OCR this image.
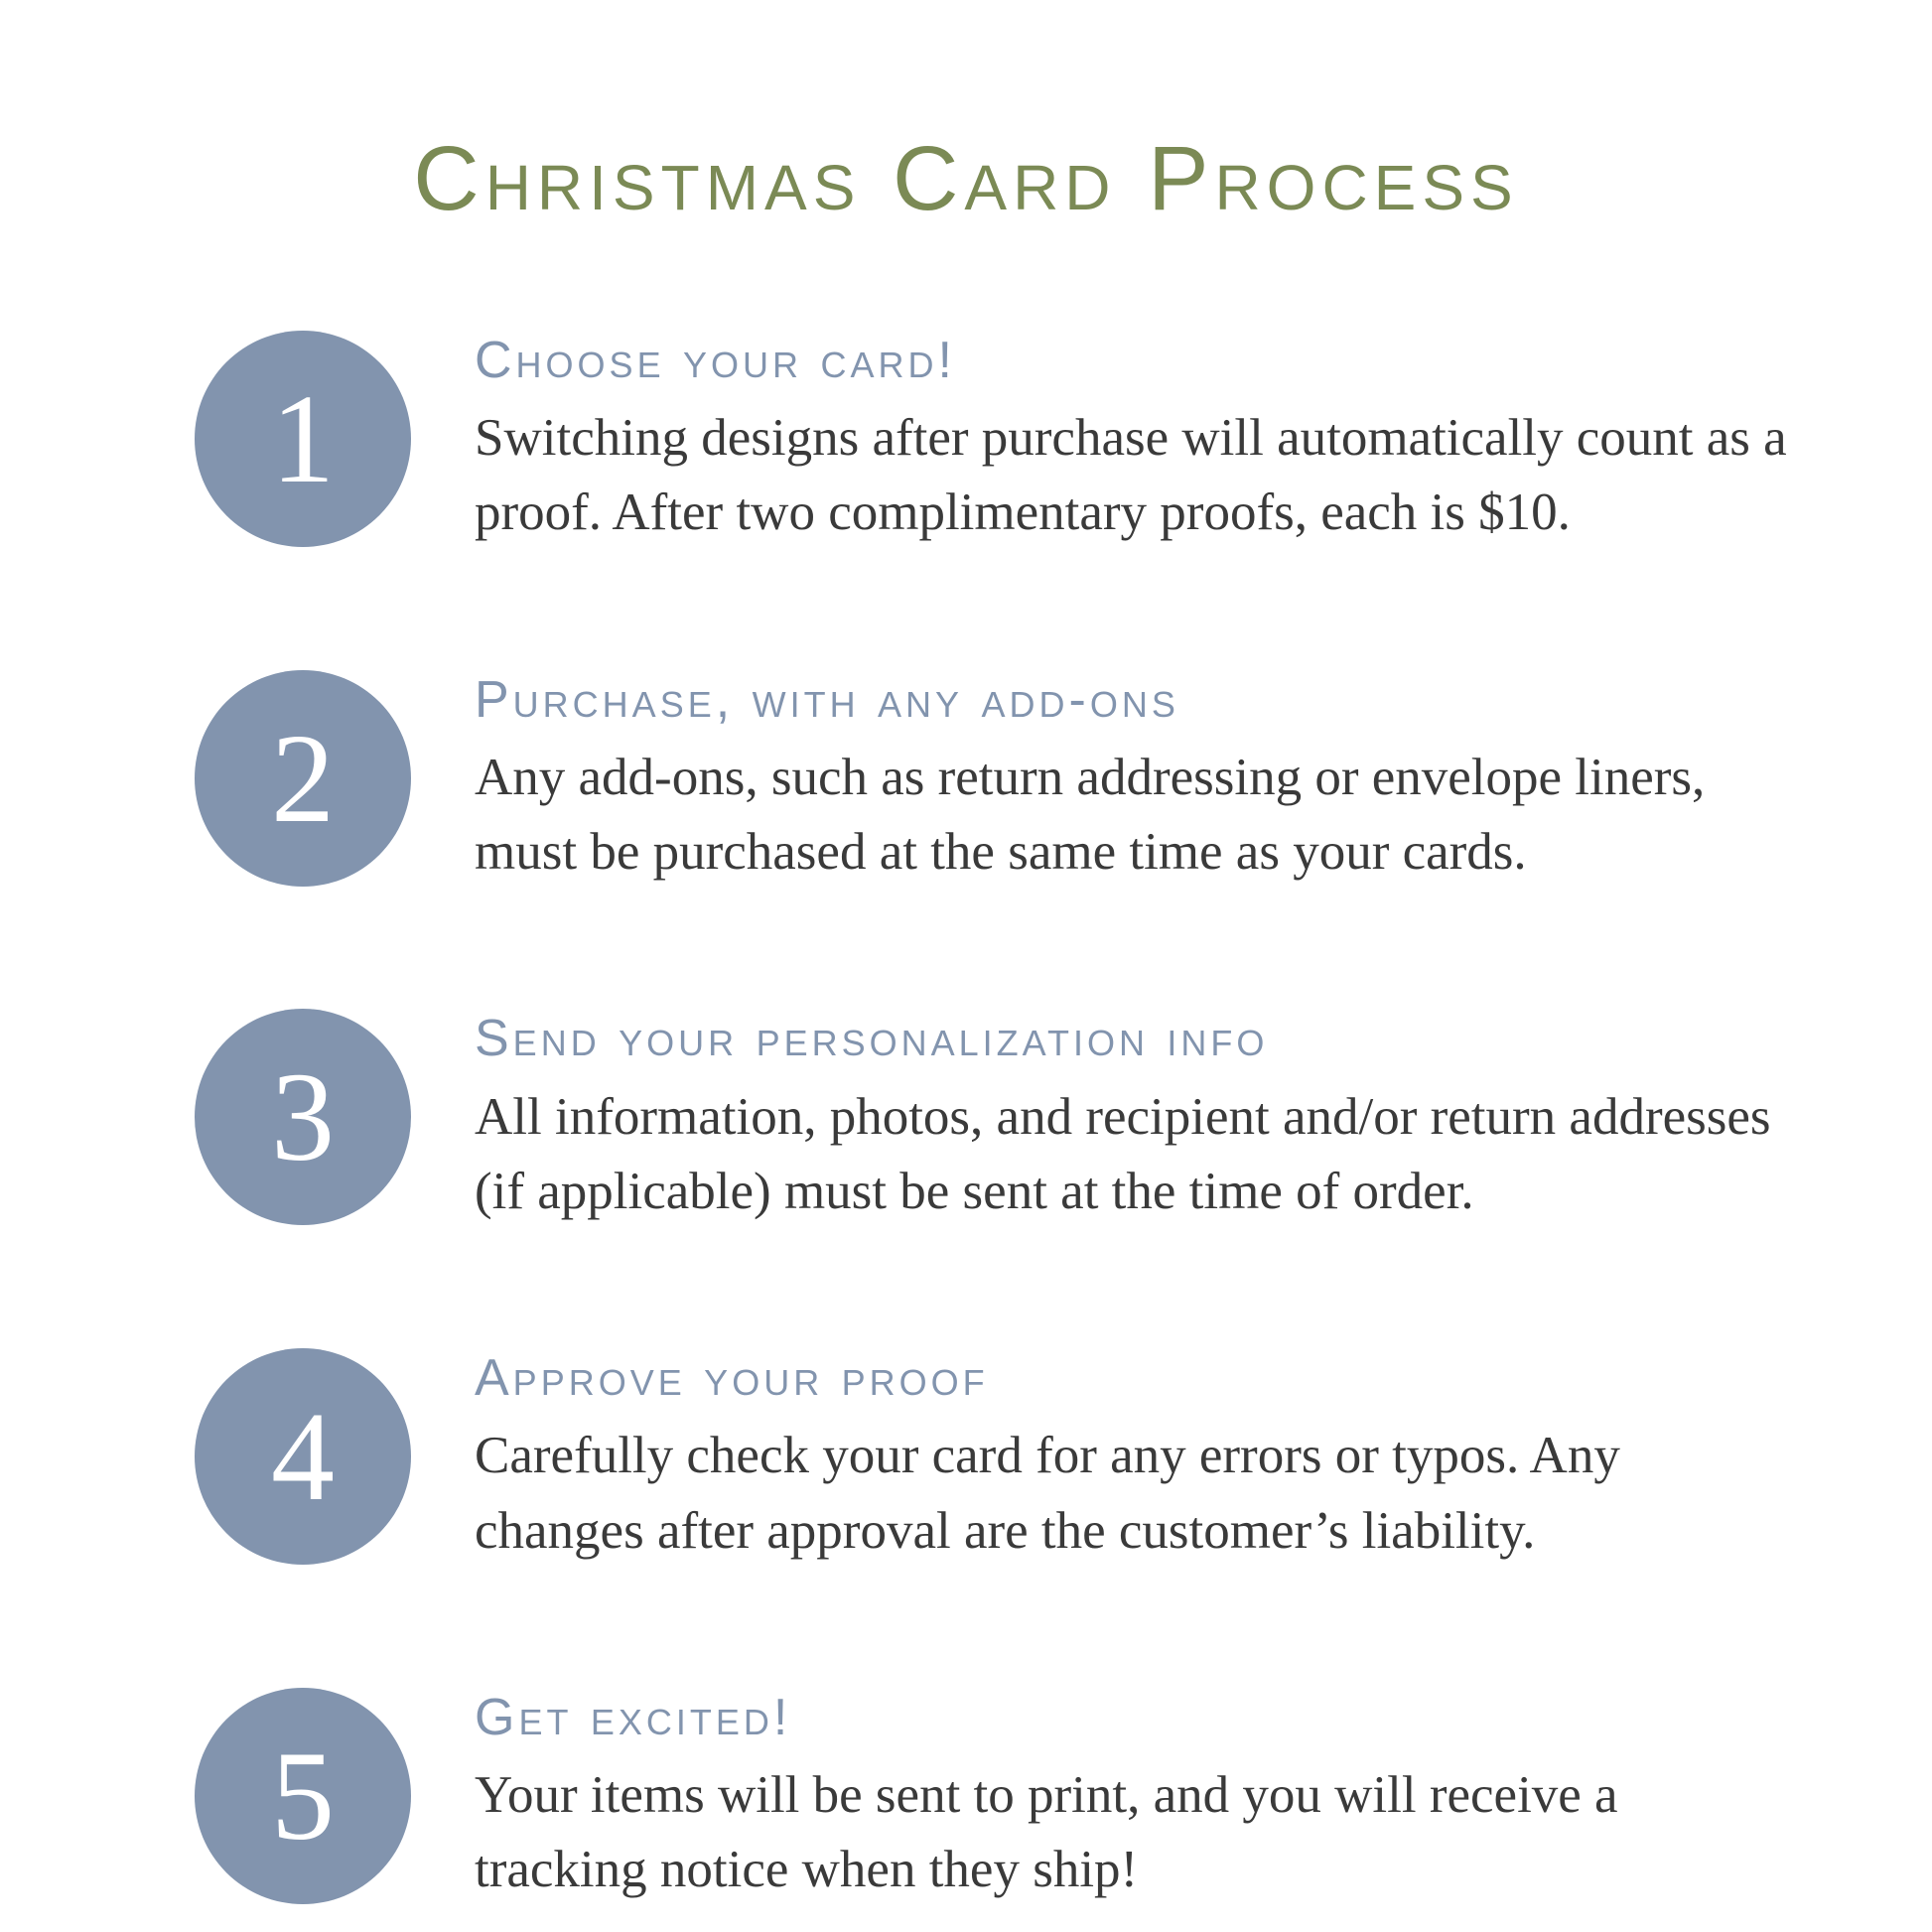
Christmas Card Process
1
Choose your card!

Switching designs after purchase will automatically count as a proof. After two complimentary proofs, each is $10.

2
Purchase, with any add-ons

Any add-ons, such as return addressing or envelope liners, must be purchased at the same time as your cards.

3
Send your personalization info

All information, photos, and recipient and/or return addresses (if applicable) must be sent at the time of order.

4
Approve your proof

Carefully check your card for any errors or typos. Any changes after approval are the customer’s liability.

5
Get excited!

Your items will be sent to print, and you will receive a tracking notice when they ship!
